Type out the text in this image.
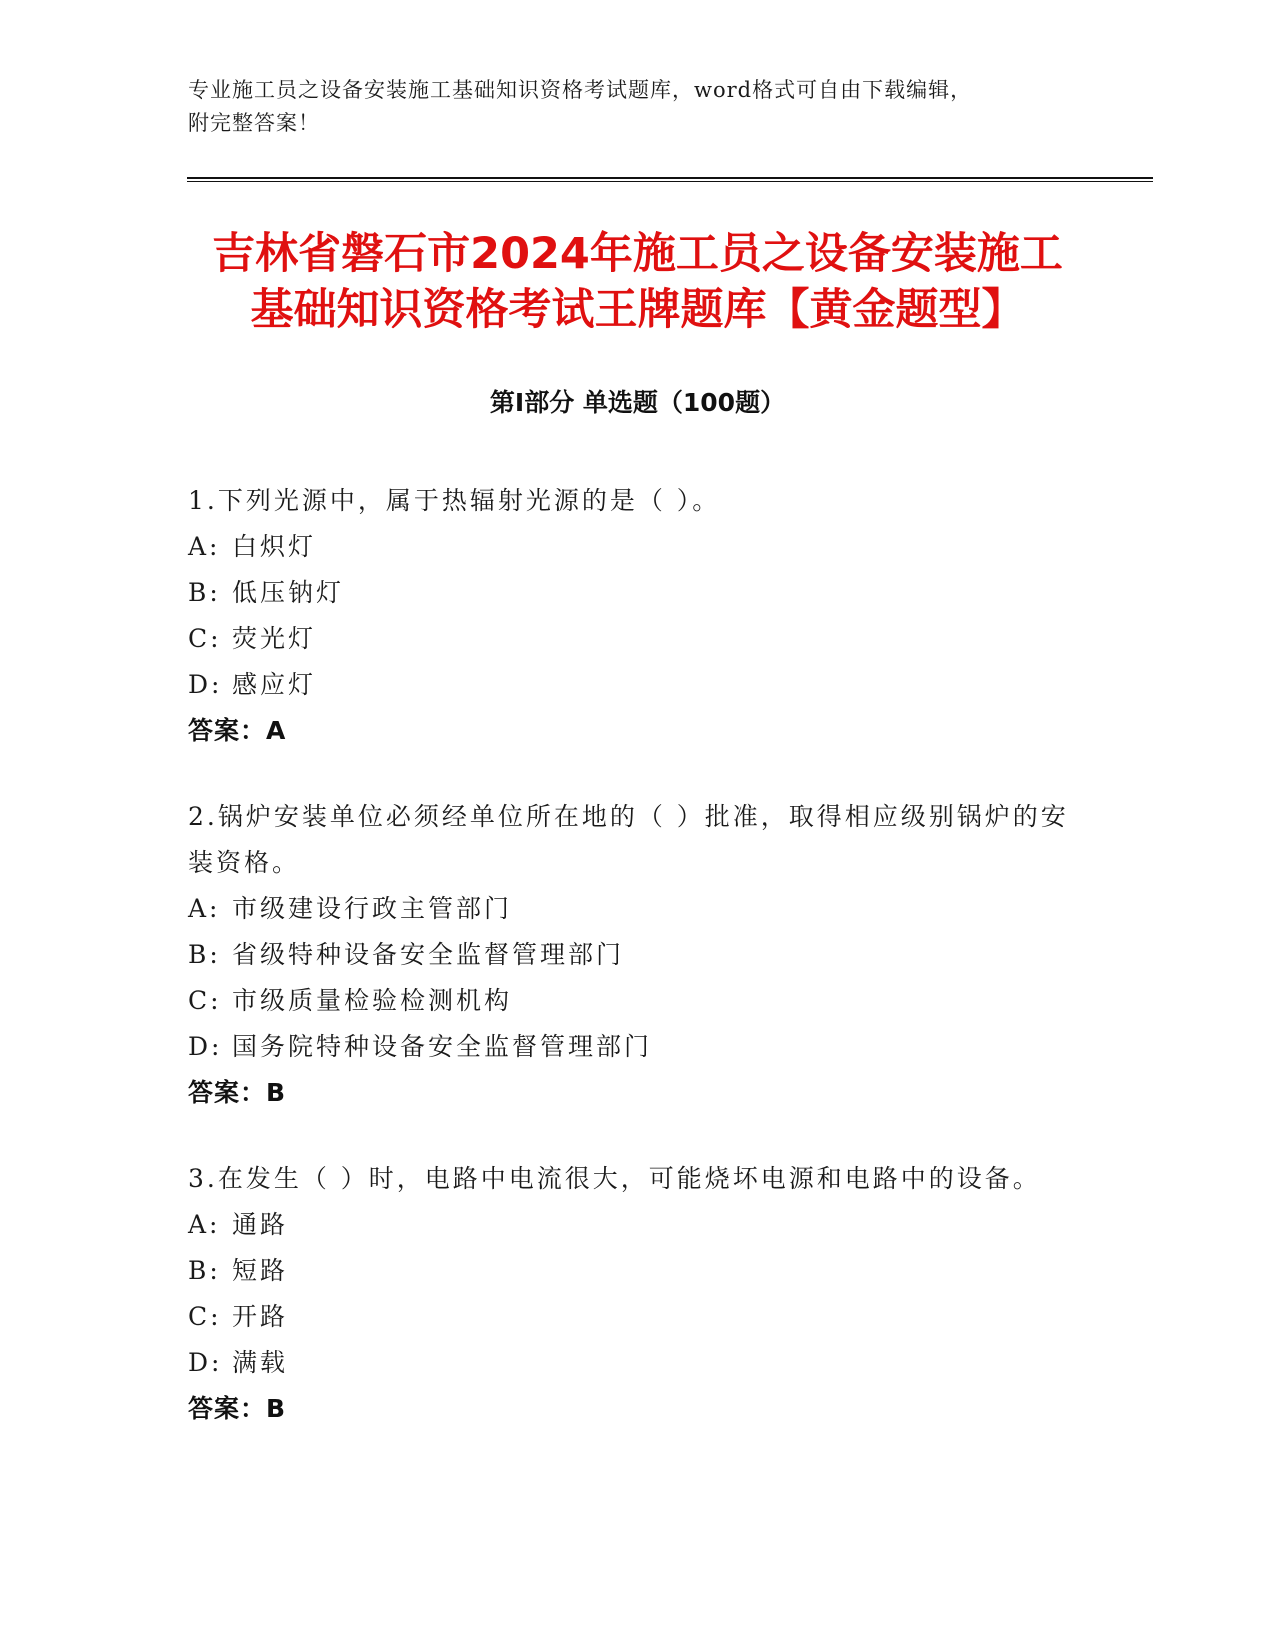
专业施工员之设备安装施工基础知识资格考试题库，word格式可自由下载编辑，
附完整答案！
吉林省磐石市2024年施工员之设备安装施工
基础知识资格考试王牌题库【黄金题型】
第Ⅰ部分 单选题（100题）
1.下列光源中，属于热辐射光源的是（ ）。
A: 白炽灯
B: 低压钠灯
C: 荧光灯
D: 感应灯
答案：A
2.锅炉安装单位必须经单位所在地的（ ）批准，取得相应级别锅炉的安装资格。
A: 市级建设行政主管部门
B: 省级特种设备安全监督管理部门
C: 市级质量检验检测机构
D: 国务院特种设备安全监督管理部门
答案：B
3.在发生（ ）时，电路中电流很大，可能烧坏电源和电路中的设备。
A: 通路
B: 短路
C: 开路
D: 满载
答案：B
